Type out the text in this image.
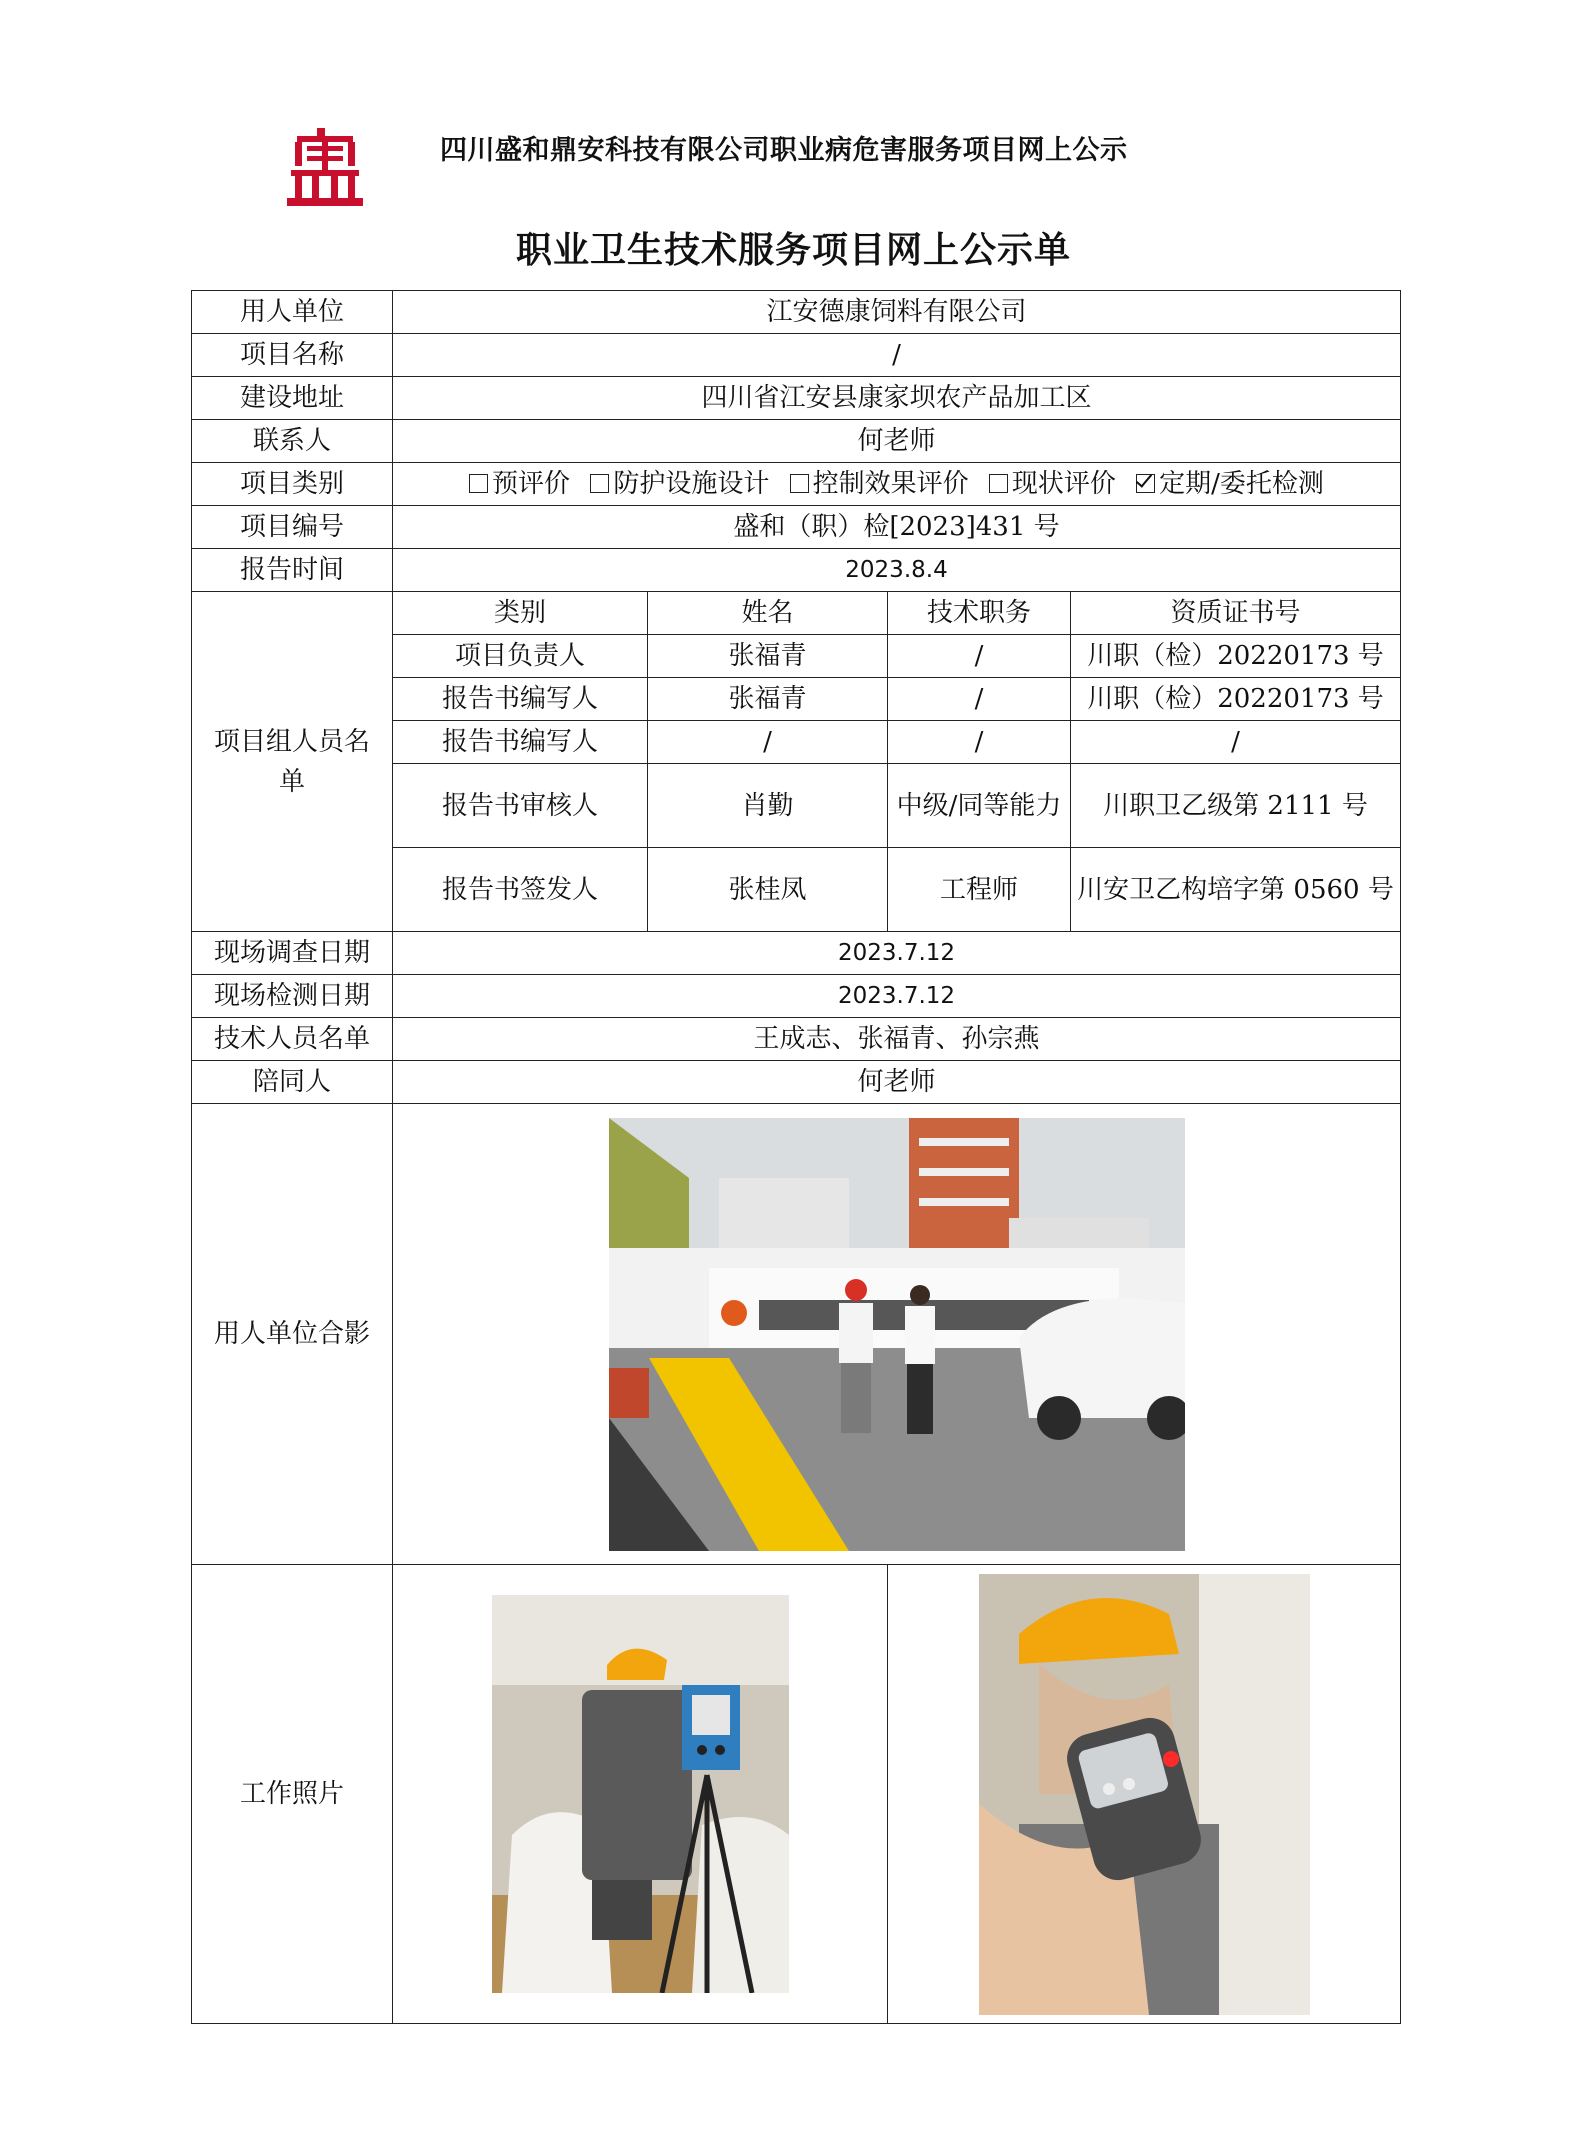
四川盛和鼎安科技有限公司职业病危害服务项目网上公示
职业卫生技术服务项目网上公示单
用人单位	江安德康饲料有限公司			
项目名称	/			
建设地址	四川省江安县康家坝农产品加工区			
联系人	何老师			
项目类别	预评价 防护设施设计 控制效果评价 现状评价 定期/委托检测			
项目编号	盛和（职）检[2023]431 号			
报告时间	2023.8.4			
项目组人员名单	类别	姓名	技术职务	资质证书号
	项目负责人	张福青	/	川职（检）20220173 号
	报告书编写人	张福青	/	川职（检）20220173 号
	报告书编写人	/	/	/
	报告书审核人	肖勤	中级/同等能力	川职卫乙级第 2111 号
	报告书签发人	张桂凤	工程师	川安卫乙构培字第 0560 号
现场调查日期	2023.7.12			
现场检测日期	2023.7.12			
技术人员名单	王成志、张福青、孙宗燕			
陪同人	何老师			
用人单位合影	

工作照片	
